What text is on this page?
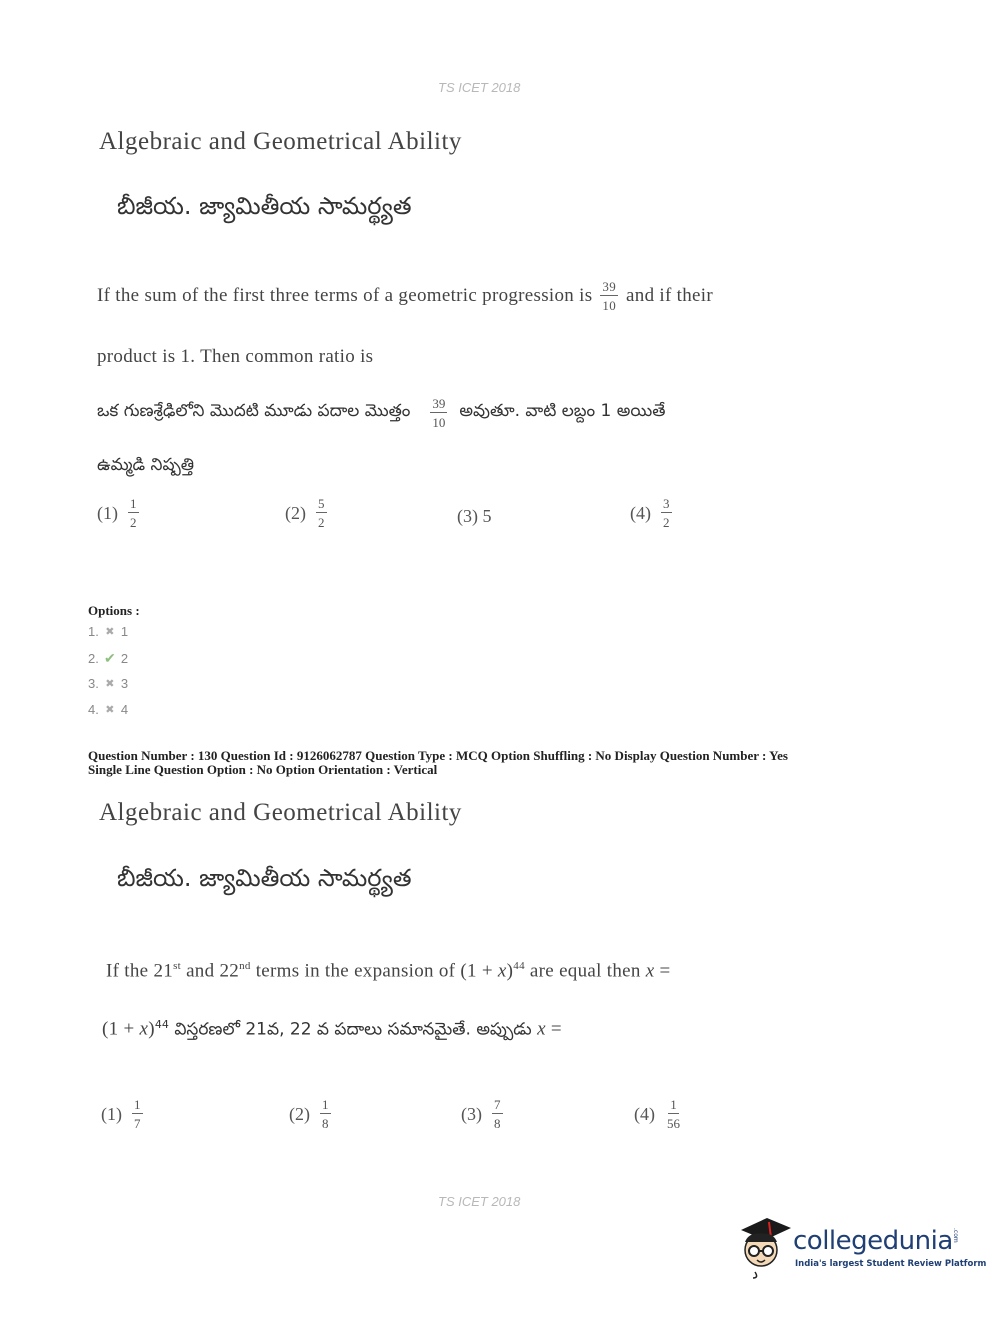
TS ICET 2018
Algebraic and Geometrical Ability
బీజీయ. జ్యామితీయ సామర్థ్యత
If the sum of the first three terms of a geometric progression is $\frac{39}{10}$ and if their
product is 1. Then common ratio is
ఒక గుణశ్రేఢిలోని మొదటి మూడు పదాల మొత్తం $\frac{39}{10}$ అవుతూ. వాటి లబ్దం 1 అయితే
ఉమ్మడి నిష్పత్తి
$(1) \frac{1}{2}$	$(2) \frac{5}{2}$	(3) 5	$(4) \frac{3}{2}$
Options :
1. ✖ 1
2. ✔ 2
3. ✖ 3
4. ✖ 4
Question Number : 130 Question Id : 9126062787 Question Type : MCQ Option Shuffling : No Display Question Number : Yes
Single Line Question Option : No Option Orientation : Vertical
Algebraic and Geometrical Ability
బీజీయ. జ్యామితీయ సామర్థ్యత
If the 21st and 22nd terms in the expansion of $(1 + x)^{44}$ are equal then x =
$(1 + x)^{44}$ విస్తరణలో 21వ, 22 వ పదాలు సమానమైతే. అప్పుడు x =
$(1) \frac{1}{7}$	$(2) \frac{1}{8}$	$(3) \frac{7}{8}$	$(4) \frac{1}{56}$
TS ICET 2018
collegedunia .com
India's largest Student Review Platform
